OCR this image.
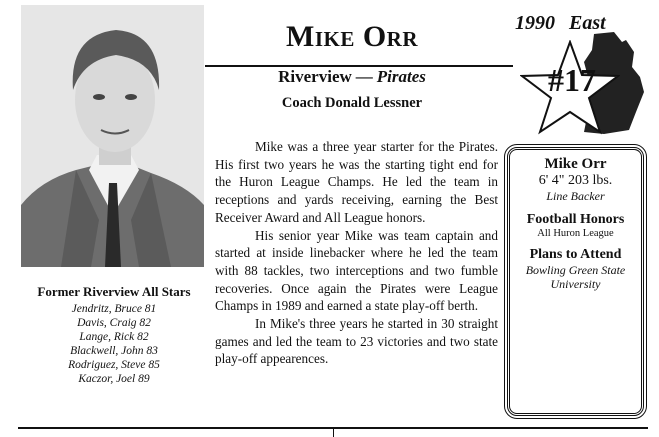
Former Riverview All Stars
Jendritz, Bruce 81
Davis, Craig 82
Lange, Rick 82
Blackwell, John 83
Rodriguez, Steve 85
Kaczor, Joel 89
Mike Orr
Riverview — Pirates
Coach Donald Lessner
1990 East
#17

Mike was a three year starter for the Pirates. His first two years he was the starting tight end for the Huron League Champs. He led the team in receptions and yards receiving, earning the Best Receiver Award and All League honors.

His senior year Mike was team captain and started at inside linebacker where he led the team with 88 tackles, two interceptions and two fumble recoveries. Once again the Pirates were League Champs in 1989 and earned a state play-off berth.

In Mike's three years he started in 30 straight games and led the team to 23 victories and two state play-off appearences.

Mike Orr
6' 4" 203 lbs.
Line Backer
Football Honors
All Huron League
Plans to Attend
Bowling Green State University
